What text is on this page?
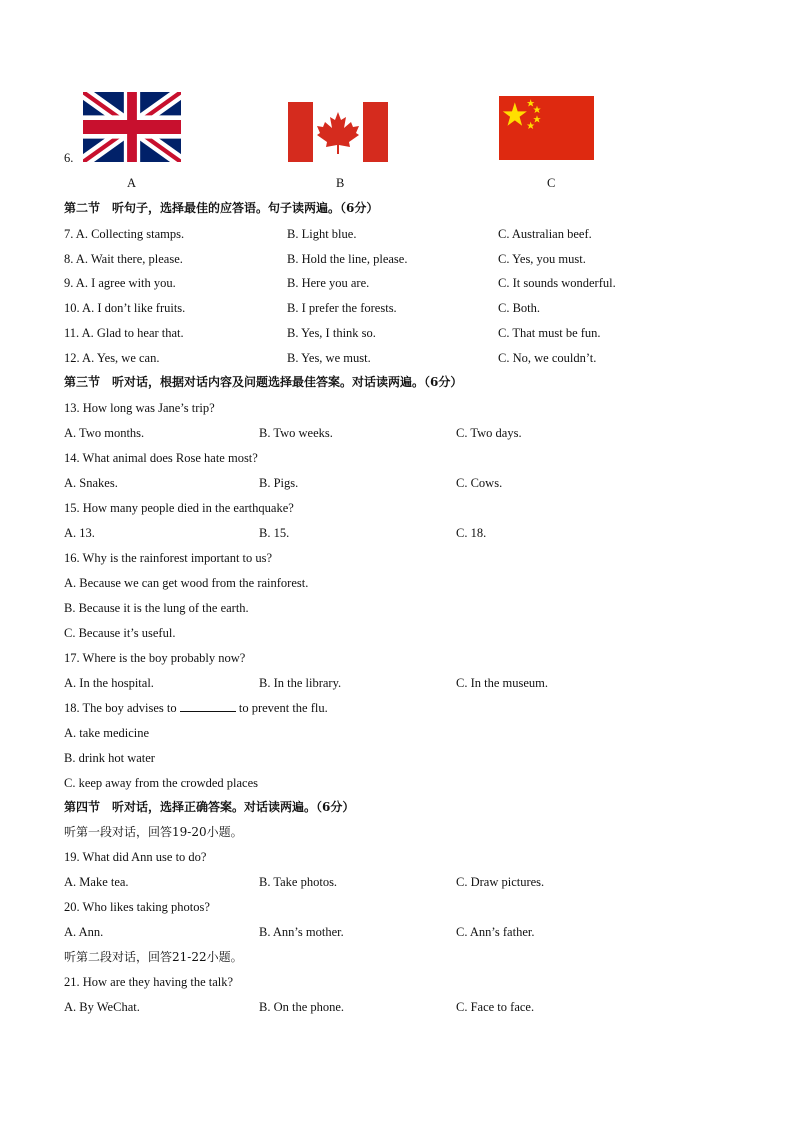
6.
A	B	C
第二节　听句子，选择最佳的应答语。句子读两遍。（6分）
7. A. Collecting stamps.	B. Light blue.	C. Australian beef.
8. A. Wait there, please.	B. Hold the line, please.	C. Yes, you must.
9. A. I agree with you.	B. Here you are.	C. It sounds wonderful.
10. A. I don’t like fruits.	B. I prefer the forests.	C. Both.
11. A. Glad to hear that.	B. Yes, I think so.	C. That must be fun.
12. A. Yes, we can.	B. Yes, we must.	C. No, we couldn’t.
第三节　听对话，根据对话内容及问题选择最佳答案。对话读两遍。（6分）
13. How long was Jane’s trip?
A. Two months.	B. Two weeks.	C. Two days.
14. What animal does Rose hate most?
A. Snakes.	B. Pigs.	C. Cows.
15. How many people died in the earthquake?
A. 13.	B. 15.	C. 18.
16. Why is the rainforest important to us?
A. Because we can get wood from the rainforest.
B. Because it is the lung of the earth.
C. Because it’s useful.
17. Where is the boy probably now?
A. In the hospital.	B. In the library.	C. In the museum.
18. The boy advises to	to prevent the flu.
A. take medicine
B. drink hot water
C. keep away from the crowded places
第四节　听对话，选择正确答案。对话读两遍。（6分）
听第一段对话，回答19-20小题。
19. What did Ann use to do?
A. Make tea.	B. Take photos.	C. Draw pictures.
20. Who likes taking photos?
A. Ann.	B. Ann’s mother.	C. Ann’s father.
听第二段对话，回答21-22小题。
21. How are they having the talk?
A. By WeChat.	B. On the phone.	C. Face to face.
